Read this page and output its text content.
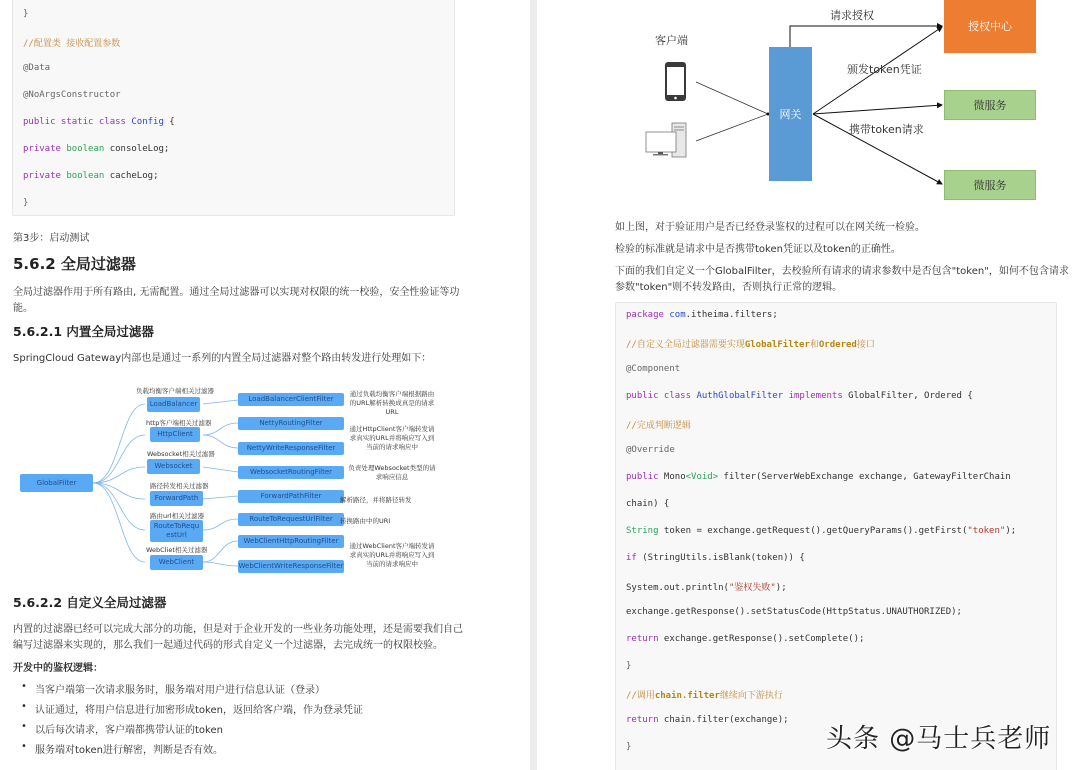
}
//配置类 接收配置参数
@Data
@NoArgsConstructor
public static class Config {
private boolean consoleLog;
private boolean cacheLog;
}
第3步：启动测试
5.6.2 全局过滤器
全局过滤器作用于所有路由, 无需配置。通过全局过滤器可以实现对权限的统一校验，安全性验证等功
能。
5.6.2.1 内置全局过滤器
SpringCloud Gateway内部也是通过一系列的内置全局过滤器对整个路由转发进行处理如下：
GlobalFilter
负载均衡客户端相关过滤器
LoadBalancer
http客户端相关过滤器
HttpClient
Websocket相关过滤器
Websocket
路径转发相关过滤器
ForwardPath
路由url相关过滤器
RouteToRequestUrl
WebCliet相关过滤器
WebClient
LoadBalancerClientFilter
NettyRoutingFilter
NettyWriteResponseFilter
WebsocketRoutingFilter
ForwardPathFilter
RouteToRequestUrlFilter
WebClientHttpRoutingFilter
WebClientWriteResponseFilter
通过负载均衡客户端根据路由的URL解析转换成真是的请求URL
通过HttpClient客户端转发请求真实的URL并将响应写入到当前的请求响应中
负责处理Websocket类型的请求响应信息
解析路径，并将路径转发
转换路由中的URI
通过WebClient客户端转发请求真实的URL并将响应写入到当前的请求响应中
5.6.2.2 自定义全局过滤器
内置的过滤器已经可以完成大部分的功能，但是对于企业开发的一些业务功能处理，还是需要我们自己
编写过滤器来实现的，那么我们一起通过代码的形式自定义一个过滤器，去完成统一的权限校验。
开发中的鉴权逻辑：
• 当客户端第一次请求服务时，服务端对用户进行信息认证（登录）
• 认证通过，将用户信息进行加密形成token，返回给客户端，作为登录凭证
• 以后每次请求，客户端都携带认证的token
• 服务端对token进行解密，判断是否有效。
客户端
网关
授权中心
微服务
微服务
请求授权
颁发token凭证
携带token请求
如上图，对于验证用户是否已经登录鉴权的过程可以在网关统一检验。
检验的标准就是请求中是否携带token凭证以及token的正确性。
下面的我们自定义一个GlobalFilter，去校验所有请求的请求参数中是否包含"token"，如何不包含请求
参数"token"则不转发路由，否则执行正常的逻辑。
package com.itheima.filters;
//自定义全局过滤器需要实现GlobalFilter和Ordered接口
@Component
public class AuthGlobalFilter implements GlobalFilter, Ordered {
//完成判断逻辑
@Override
public Mono<Void> filter(ServerWebExchange exchange, GatewayFilterChain
chain) {
String token = exchange.getRequest().getQueryParams().getFirst("token");
if (StringUtils.isBlank(token)) {
System.out.println("鉴权失败");
exchange.getResponse().setStatusCode(HttpStatus.UNAUTHORIZED);
return exchange.getResponse().setComplete();
}
//调用chain.filter继续向下游执行
return chain.filter(exchange);
}	头条 @马士兵老师
